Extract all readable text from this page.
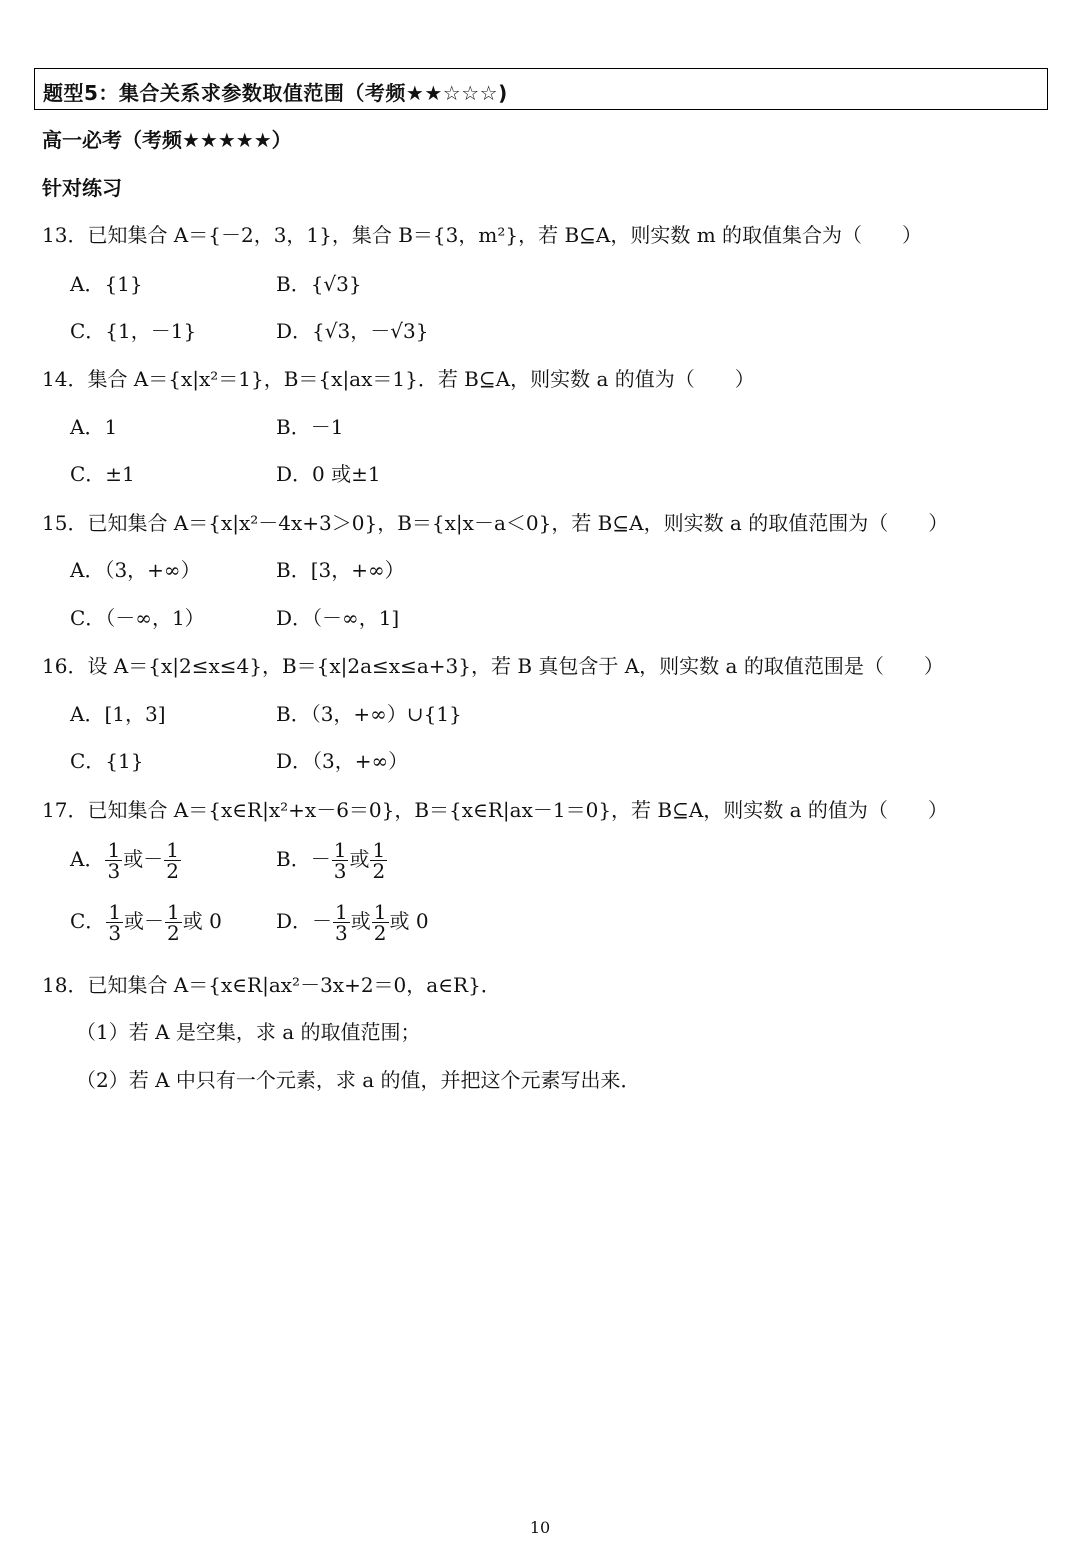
题型5：集合关系求参数取值范围（考频★★☆☆☆)
高一必考（考频★★★★★）
针对练习
13．已知集合 A＝{－2，3，1}，集合 B＝{3，m²}，若 B⊆A，则实数 m 的取值集合为（　　）
A．{1}	B．{√3}
C．{1，－1}	D．{√3，－√3}
14．集合 A＝{x|x²＝1}，B＝{x|ax＝1}．若 B⊆A，则实数 a 的值为（　　）
A．1	B．－1
C．±1	D．0 或±1
15．已知集合 A＝{x|x²－4x+3＞0}，B＝{x|x－a＜0}，若 B⊆A，则实数 a 的取值范围为（　　）
A．（3，+∞）	B．[3，+∞）
C．（－∞，1）	D．（－∞，1]
16．设 A＝{x|2≤x≤4}，B＝{x|2a≤x≤a+3}，若 B 真包含于 A，则实数 a 的取值范围是（　　）
A．[1，3]	B．（3，+∞）∪{1}
C．{1}	D．（3，+∞）
17．已知集合 A＝{x∈R|x²+x－6＝0}，B＝{x∈R|ax－1＝0}，若 B⊆A，则实数 a 的值为（　　）
A． $\frac{1}{3}$ 或－ $\frac{1}{2}$	B．－ $\frac{1}{3}$ 或 $\frac{1}{2}$
C． $\frac{1}{3}$ 或－ $\frac{1}{2}$ 或 0	D．－ $\frac{1}{3}$ 或 $\frac{1}{2}$ 或 0
18．已知集合 A＝{x∈R|ax²－3x+2＝0，a∈R}．
（1）若 A 是空集，求 a 的取值范围；
（2）若 A 中只有一个元素，求 a 的值，并把这个元素写出来．
10
